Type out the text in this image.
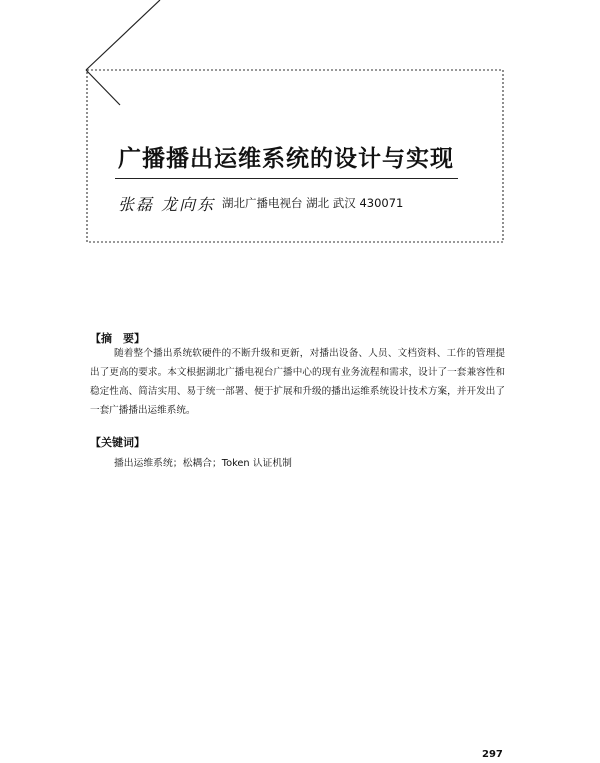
广播播出运维系统的设计与实现
张磊 龙向东 湖北广播电视台 湖北 武汉 430071
【摘　要】
随着整个播出系统软硬件的不断升级和更新，对播出设备、人员、文档资料、工作的管理提出了更高的要求。本文根据湖北广播电视台广播中心的现有业务流程和需求，设计了一套兼容性和稳定性高、简洁实用、易于统一部署、便于扩展和升级的播出运维系统设计技术方案，并开发出了一套广播播出运维系统。
【关键词】
播出运维系统；松耦合；Token 认证机制
297
